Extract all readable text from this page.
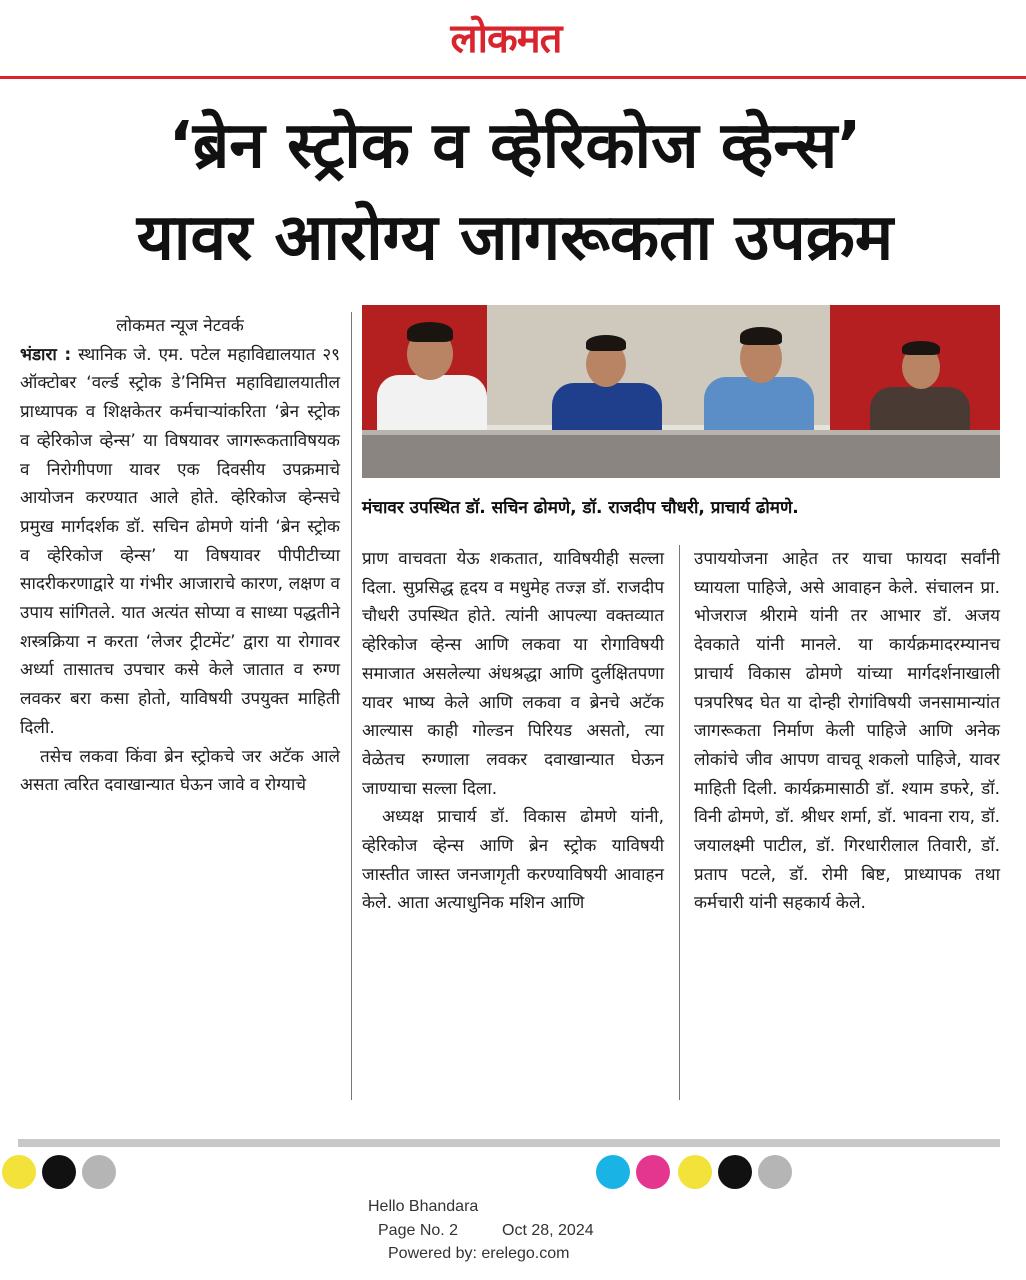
लोकमत
‘ब्रेन स्ट्रोक व व्हेरिकोज व्हेन्स’
यावर आरोग्य जागरूकता उपक्रम

लोकमत न्यूज नेटवर्क

भंडारा : स्थानिक जे. एम. पटेल महाविद्यालयात २९ ऑक्टोबर ‘वर्ल्ड स्ट्रोक डे’निमित्त महाविद्यालयातील प्राध्यापक व शिक्षकेतर कर्मचाऱ्यांकरिता ‘ब्रेन स्ट्रोक व व्हेरिकोज व्हेन्स’ या विषयावर जागरूकताविषयक व निरोगीपणा यावर एक दिवसीय उपक्रमाचे आयोजन करण्यात आले होते. व्हेरिकोज व्हेन्सचे प्रमुख मार्गदर्शक डॉ. सचिन ढोमणे यांनी ‘ब्रेन स्ट्रोक व व्हेरिकोज व्हेन्स’ या विषयावर पीपीटीच्या सादरीकरणाद्वारे या गंभीर आजाराचे कारण, लक्षण व उपाय सांगितले. यात अत्यंत सोप्या व साध्या पद्धतीने शस्त्रक्रिया न करता ‘लेजर ट्रीटमेंट’ द्वारा या रोगावर अर्ध्या तासातच उपचार कसे केले जातात व रुग्ण लवकर बरा कसा होतो, याविषयी उपयुक्त माहिती दिली.

तसेच लकवा किंवा ब्रेन स्ट्रोकचे जर अटॅक आले असता त्वरित दवाखान्यात घेऊन जावे व रोग्याचे

मंचावर उपस्थित डॉ. सचिन ढोमणे, डॉ. राजदीप चौधरी, प्राचार्य ढोमणे.

प्राण वाचवता येऊ शकतात, याविषयीही सल्ला दिला. सुप्रसिद्ध हृदय व मधुमेह तज्ज्ञ डॉ. राजदीप चौधरी उपस्थित होते. त्यांनी आपल्या वक्तव्यात व्हेरिकोज व्हेन्स आणि लकवा या रोगाविषयी समाजात असलेल्या अंधश्रद्धा आणि दुर्लक्षितपणा यावर भाष्य केले आणि लकवा व ब्रेनचे अटॅक आल्यास काही गोल्डन पिरियड असतो, त्या वेळेतच रुग्णाला लवकर दवाखान्यात घेऊन जाण्याचा सल्ला दिला.

अध्यक्ष प्राचार्य डॉ. विकास ढोमणे यांनी, व्हेरिकोज व्हेन्स आणि ब्रेन स्ट्रोक याविषयी जास्तीत जास्त जनजागृती करण्याविषयी आवाहन केले. आता अत्याधुनिक मशिन आणि

उपाययोजना आहेत तर याचा फायदा सर्वांनी घ्यायला पाहिजे, असे आवाहन केले. संचालन प्रा. भोजराज श्रीरामे यांनी तर आभार डॉ. अजय देवकाते यांनी मानले. या कार्यक्रमादरम्यानच प्राचार्य विकास ढोमणे यांच्या मार्गदर्शनाखाली पत्रपरिषद घेत या दोन्ही रोगांविषयी जनसामान्यांत जागरूकता निर्माण केली पाहिजे आणि अनेक लोकांचे जीव आपण वाचवू शकलो पाहिजे, यावर माहिती दिली. कार्यक्रमासाठी डॉ. श्याम डफरे, डॉ. विनी ढोमणे, डॉ. श्रीधर शर्मा, डॉ. भावना राय, डॉ. जयालक्ष्मी पाटील, डॉ. गिरधारीलाल तिवारी, डॉ. प्रताप पटले, डॉ. रोमी बिष्ट, प्राध्यापक तथा कर्मचारी यांनी सहकार्य केले.

Hello Bhandara
Page No. 2	Oct 28, 2024
Powered by: erelego.com
